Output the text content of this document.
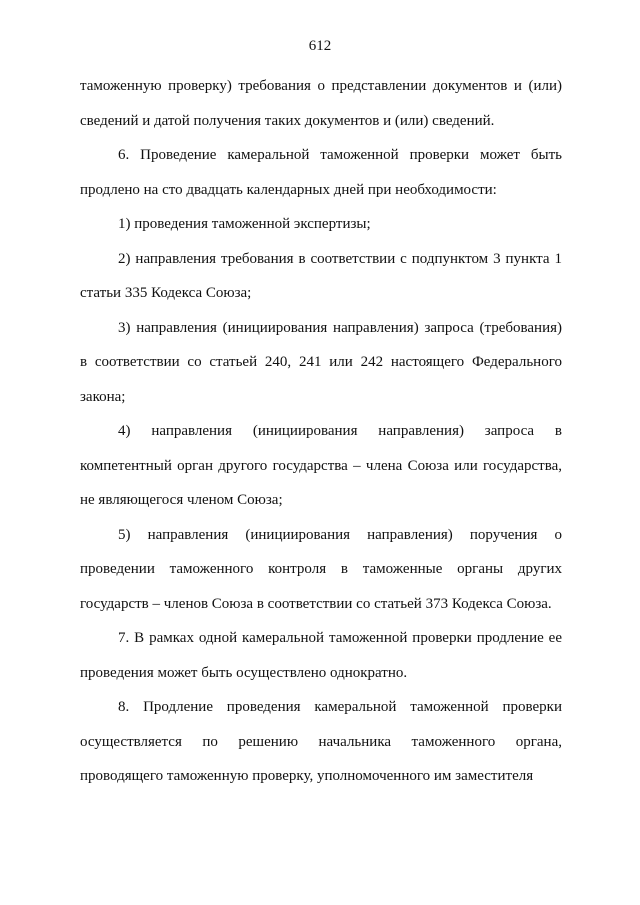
612

таможенную проверку) требования о представлении документов и (или) сведений и датой получения таких документов и (или) сведений.

6. Проведение камеральной таможенной проверки может быть продлено на сто двадцать календарных дней при необходимости:

1) проведения таможенной экспертизы;

2) направления требования в соответствии с подпунктом 3 пункта 1 статьи 335 Кодекса Союза;

3) направления (инициирования направления) запроса (требования) в соответствии со статьей 240, 241 или 242 настоящего Федерального закона;

4) направления (инициирования направления) запроса в компетентный орган другого государства – члена Союза или государства, не являющегося членом Союза;

5) направления (инициирования направления) поручения о проведении таможенного контроля в таможенные органы других государств – членов Союза в соответствии со статьей 373 Кодекса Союза.

7. В рамках одной камеральной таможенной проверки продление ее проведения может быть осуществлено однократно.

8. Продление проведения камеральной таможенной проверки осуществляется по решению начальника таможенного органа, проводящего таможенную проверку, уполномоченного им заместителя
